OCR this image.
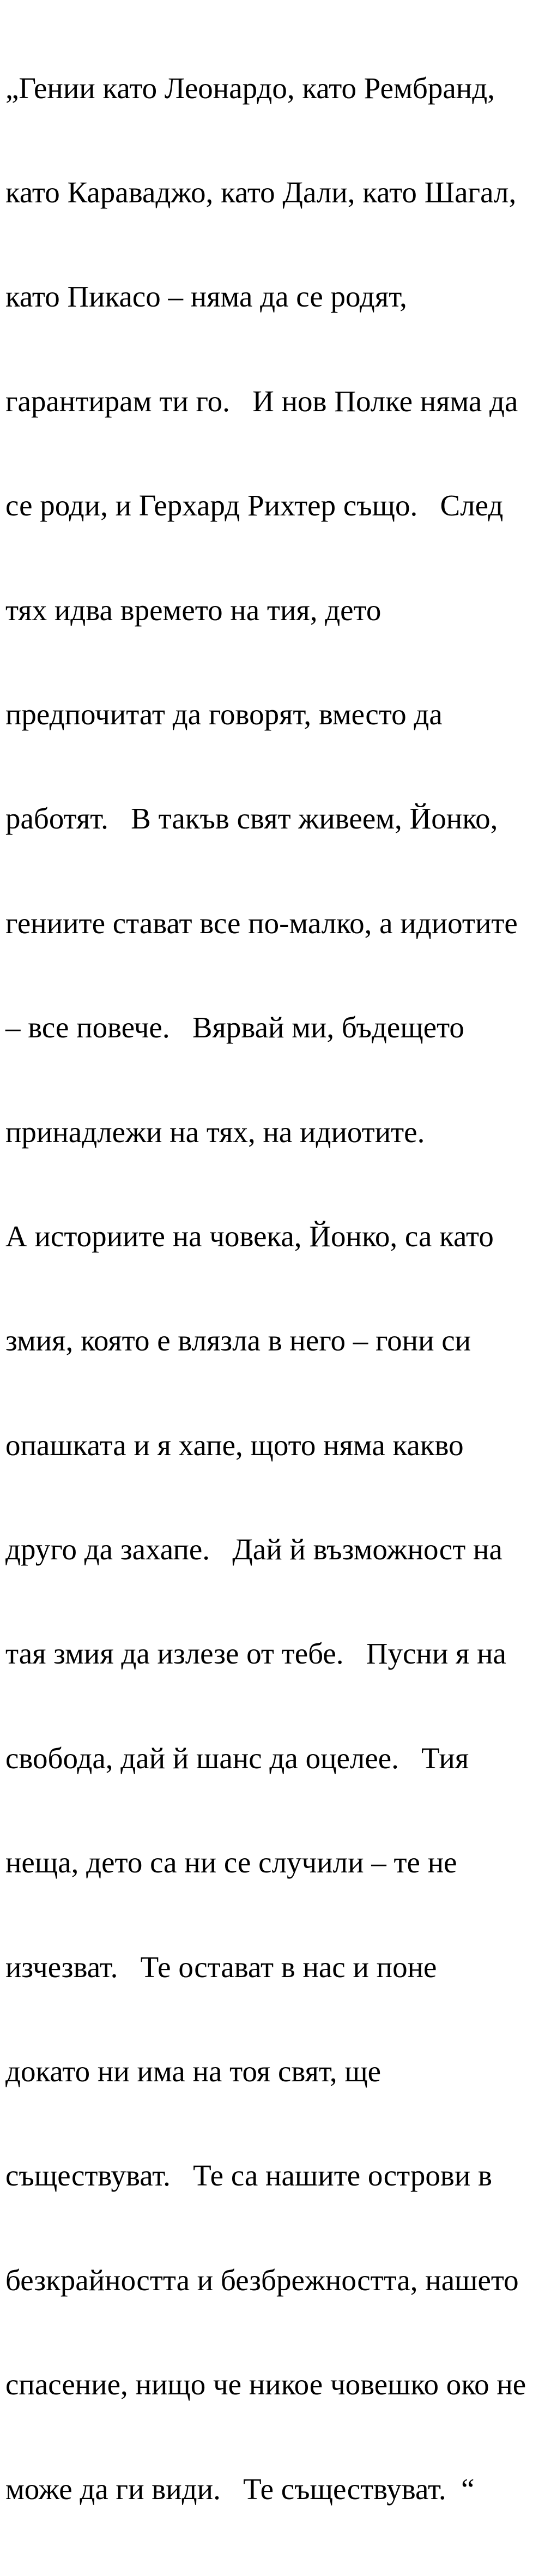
„Гении като Леонардо, като Рембранд,

като Караваджо, като Дали, като Шагал,

като Пикасо – няма да се родят,

гарантирам ти го.   И нов Полке няма да

се роди, и Герхард Рихтер също.   След

тях идва времето на тия, дето

предпочитат да говорят, вместо да

работят.   В такъв свят живеем, Йонко,

гениите стават все по-малко, а идиотите

– все повече.   Вярвай ми, бъдещето

принадлежи на тях, на идиотите.

А историите на човека, Йонко, са като

змия, която е влязла в него – гони си

опашката и я хапе, щото няма какво

друго да захапе.   Дай й възможност на

тая змия да излезе от тебе.   Пусни я на

свобода, дай й шанс да оцелее.   Тия

неща, дето са ни се случили – те не

изчезват.   Те остават в нас и поне

докато ни има на тоя свят, ще

съществуват.   Те са нашите острови в

безкрайността и безбрежността, нашето

спасение, нищо че никое човешко око не

може да ги види.   Те съществуват.  “
